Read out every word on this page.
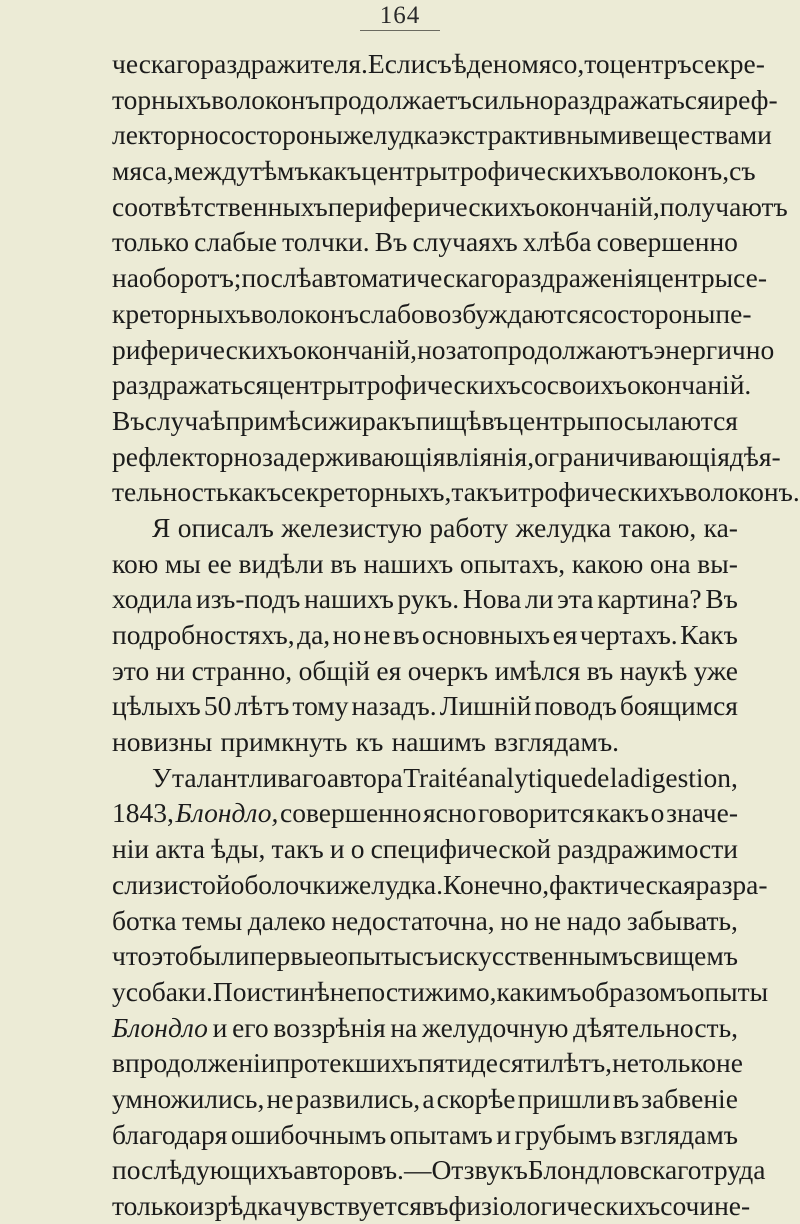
164
ческаго раздражителя. Если съѣдено мясо, то центръ секре-
торныхъ волоконъ продолжаетъ сильно раздражаться и реф-
лекторно со стороны желудка экстрактивными веществами
мяса, между тѣмъ какъ центры трофическихъ волоконъ, съ
соотвѣтственныхъ периферическихъ окончаній, получаютъ
только слабые толчки. Въ случаяхъ хлѣба совершенно
наоборотъ; послѣ автоматическаго раздраженія центры се-
креторныхъ волоконъ слабо возбуждаются со стороны пе-
риферическихъ окончаній, но зато продолжаютъ энергично
раздражаться центры трофическихъ со своихъ окончаній.
Въ случаѣ примѣси жира къ пищѣ въ центры посылаются
рефлекторно задерживающія вліянія, ограничивающія дѣя-
тельность какъ секреторныхъ, такъ и трофическихъ волоконъ.
Я описалъ железистую работу желудка такою, ка-
кою мы ее видѣли въ нашихъ опытахъ, какою она вы-
ходила изъ-подъ нашихъ рукъ. Нова ли эта картина? Въ
подробностяхъ, да, но не въ основныхъ ея чертахъ. Какъ
это ни странно, общій ея очеркъ имѣлся въ наукѣ уже
цѣлыхъ 50 лѣтъ тому назадъ. Лишній поводъ боящимся
новизны примкнуть къ нашимъ взглядамъ.
У талантливаго автора Traité analytique de la digestion,
1843, Блондло, совершенно ясно говорится какъ о значе-
ніи акта ѣды, такъ и о специфической раздражимости
слизистой оболочки желудка. Конечно, фактическая разра-
ботка темы далеко недостаточна, но не надо забывать,
что это были первые опыты съ искусственнымъ свищемъ
у собаки. Поистинѣ непостижимо, какимъ образомъ опыты
Блондло и его воззрѣнія на желудочную дѣятельность,
впродолженіи протекшихъ пятидесяти лѣтъ, не только не
умножились, не развились, а скорѣе пришли въ забвеніе
благодаря ошибочнымъ опытамъ и грубымъ взглядамъ
послѣдующихъ авторовъ. — Отзвукъ Блондловскаго труда
только изрѣдка чувствуется въ физіологическихъ сочине-
